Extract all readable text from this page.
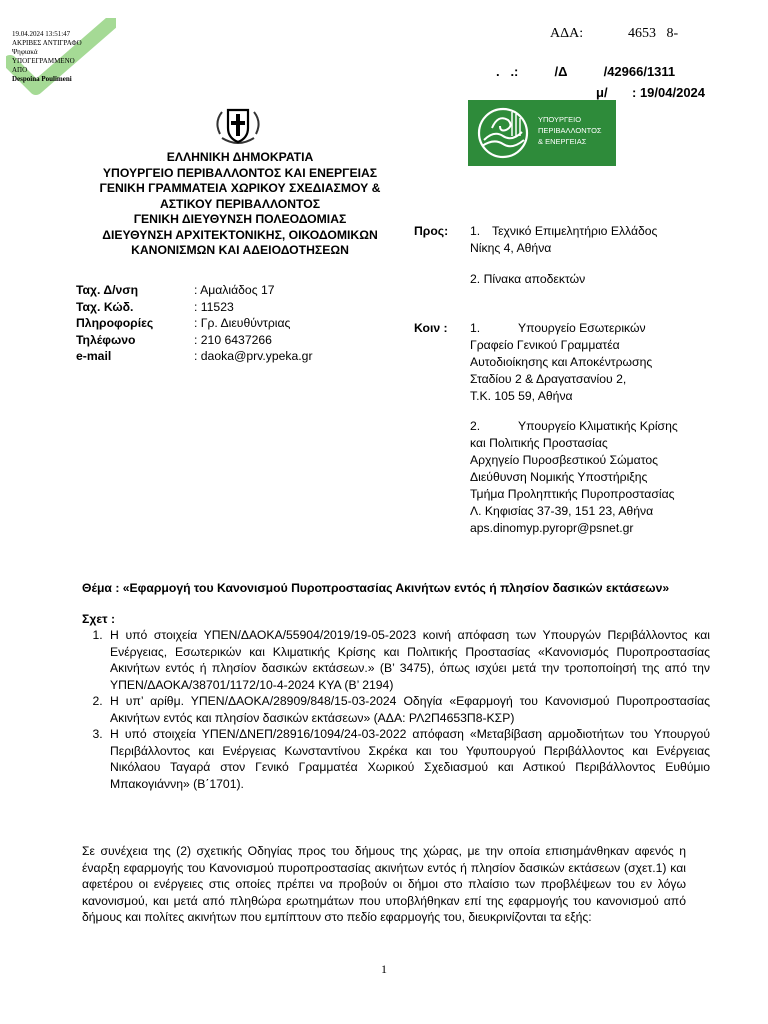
19.04.2024 13:51:47
ΑΚΡΙΒΕΣ ΑΝΤΙΓΡΑΦΟ
Ψηφιακά
ΥΠΟΓΕΓΡΑΜΜΕΝΟ
ΑΠΟ
Despoina Poulimeni
ΑΔΑ:	4653   8-
.   .:          /Δ          /42966/1311
μ/ : 19/04/2024
ΥΠΟΥΡΓΕΙΟ
ΠΕΡΙΒΑΛΛΟΝΤΟΣ
& ΕΝΕΡΓΕΙΑΣ
ΕΛΛΗΝΙΚΗ ΔΗΜΟΚΡΑΤΙΑ
ΥΠΟΥΡΓΕΙΟ ΠΕΡΙΒΑΛΛΟΝΤΟΣ ΚΑΙ ΕΝΕΡΓΕΙΑΣ
ΓΕΝΙΚΗ ΓΡΑΜΜΑΤΕΙΑ ΧΩΡΙΚΟΥ ΣΧΕΔΙΑΣΜΟΥ &
ΑΣΤΙΚΟΥ ΠΕΡΙΒΑΛΛΟΝΤΟΣ
ΓΕΝΙΚΗ ΔΙΕΥΘΥΝΣΗ ΠΟΛΕΟΔΟΜΙΑΣ
ΔΙΕΥΘΥΝΣΗ ΑΡΧΙΤΕΚΤΟΝΙΚΗΣ, ΟΙΚΟΔΟΜΙΚΩΝ
ΚΑΝΟΝΙΣΜΩΝ ΚΑΙ ΑΔΕΙΟΔΟΤΗΣΕΩΝ
Ταχ. Δ/νση	: Αμαλιάδος 17
Ταχ. Κώδ.	: 11523
Πληροφορίες	: Γρ. Διευθύντριας
Τηλέφωνο	: 210 6437266
e-mail	: daoka@prv.ypeka.gr
Προς: 1. Τεχνικό Επιμελητήριο Ελλάδος
Νίκης 4, Αθήνα
2. Πίνακα αποδεκτών
Κοιν : 1.	Υπουργείο Εσωτερικών
Γραφείο Γενικού Γραμματέα
Αυτοδιοίκησης και Αποκέντρωσης
Σταδίου 2 & Δραγατσανίου 2,
Τ.Κ. 105 59, Αθήνα
2.	Υπουργείο Κλιματικής Κρίσης
και Πολιτικής Προστασίας
Αρχηγείο Πυροσβεστικού Σώματος
Διεύθυνση Νομικής Υποστήριξης
Τμήμα Προληπτικής Πυροπροστασίας
Λ. Κηφισίας 37-39, 151 23, Αθήνα
aps.dinomyp.pyropr@psnet.gr
Θέμα : «Εφαρμογή του Κανονισμού Πυροπροστασίας Ακινήτων εντός ή πλησίον δασικών εκτάσεων»
Σχετ :
1. Η υπό στοιχεία ΥΠΕΝ/ΔΑΟΚΑ/55904/2019/19-05-2023 κοινή απόφαση των Υπουργών Περιβάλλοντος και Ενέργειας, Εσωτερικών και Κλιματικής Κρίσης και Πολιτικής Προστασίας «Κανονισμός Πυροπροστασίας Ακινήτων εντός ή πλησίον δασικών εκτάσεων.» (Β’ 3475), όπως ισχύει μετά την τροποποίησή της από την ΥΠΕΝ/ΔΑΟΚΑ/38701/1172/10-4-2024 ΚΥΑ (Β’ 2194)
2. Η υπ’ αρίθμ. ΥΠΕΝ/ΔΑΟΚΑ/28909/848/15-03-2024 Οδηγία «Εφαρμογή του Κανονισμού Πυροπροστασίας Ακινήτων εντός και πλησίον δασικών εκτάσεων» (ΑΔΑ: ΡΛ2Π4653Π8-ΚΣΡ)
3. Η υπό στοιχεία ΥΠΕΝ/ΔΝΕΠ/28916/1094/24-03-2022 απόφαση «Μεταβίβαση αρμοδιοτήτων του Υπουργού Περιβάλλοντος και Ενέργειας Κωνσταντίνου Σκρέκα και του Υφυπουργού Περιβάλλοντος και Ενέργειας Νικόλαου Ταγαρά στον Γενικό Γραμματέα Χωρικού Σχεδιασμού και Αστικού Περιβάλλοντος Ευθύμιο Μπακογιάννη» (Β΄1701).
Σε συνέχεια της (2) σχετικής Οδηγίας προς του δήμους της χώρας, με την οποία επισημάνθηκαν αφενός η έναρξη εφαρμογής του Κανονισμού πυροπροστασίας ακινήτων εντός ή πλησίον δασικών εκτάσεων (σχετ.1) και αφετέρου οι ενέργειες στις οποίες πρέπει να προβούν οι δήμοι στο πλαίσιο των προβλέψεων του εν λόγω κανονισμού, και μετά από πληθώρα ερωτημάτων που υποβλήθηκαν επί της εφαρμογής του κανονισμού από δήμους και πολίτες ακινήτων που εμπίπτουν στο πεδίο εφαρμογής του, διευκρινίζονται τα εξής:
1
